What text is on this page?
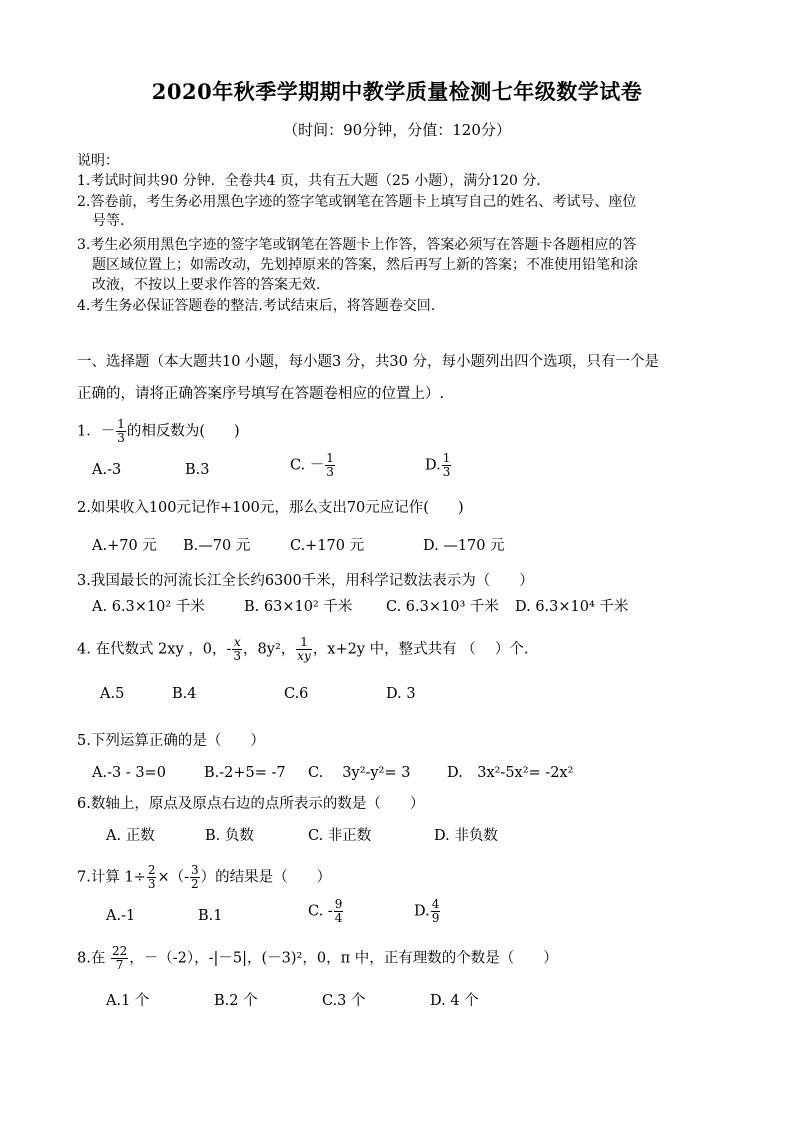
2020年秋季学期期中教学质量检测七年级数学试卷
（时间：90分钟，分值：120分）
说明：
1.考试时间共90 分钟．全卷共4 页，共有五大题（25 小题），满分120 分．
2.答卷前，考生务必用黑色字迹的签字笔或钢笔在答题卡上填写自己的姓名、考试号、座位
号等.
3.考生必须用黑色字迹的签字笔或钢笔在答题卡上作答，答案必须写在答题卡各题相应的答
题区域位置上；如需改动，先划掉原来的答案，然后再写上新的答案；不准使用铅笔和涂
改液，不按以上要求作答的答案无效.
4.考生务必保证答题卷的整洁.考试结束后，将答题卷交回.
一、选择题（本大题共10 小题，每小题3 分，共30 分，每小题列出四个选项，只有一个是
正确的，请将正确答案序号填写在答题卷相应的位置上）.
1．－ $\frac{1}{3}$ 的相反数为(　　)
A.-3	B.3	C. － $\frac{1}{3}$	D. $\frac{1}{3}$
2.如果收入100元记作+100元，那么支出70元应记作(　　)
A.+70 元 B.—70 元	C.+170 元	D. —170 元
3.我国最长的河流长江全长约6300千米，用科学记数法表示为（　　）
A. 6.3×10² 千米	B. 63×10² 千米 C. 6.3×10³ 千米 D. 6.3×10⁴ 千米
4. 在代数式 2xy ，0，- $\frac{x}{3}$ ，8y²， $\frac{1}{xy}$ ，x+2y 中，整式共有 （　 ）个.
A.5	B.4	C.6	D. 3
5.下列运算正确的是（　　）
A.-3 - 3=0	B.-2+5= -7 C.　 3y²-y²= 3	D.　3x²-5x²= -2x²
6.数轴上，原点及原点右边的点所表示的数是（　　）
A. 正数	B. 负数	C. 非正数	D. 非负数
7.计算 $1\div \frac{2}{3}$ ×（- $\frac{3}{2}$ ）的结果是（　　）
A.-1	B.1	C. - $\frac{9}{4}$	D. $\frac{4}{9}$
8.在 $\frac{22}{7}$ ，－（-2），-|－5|，(－3)²，0，π 中，正有理数的个数是（　　）
A.1 个	B.2 个	C.3 个	D. 4 个
